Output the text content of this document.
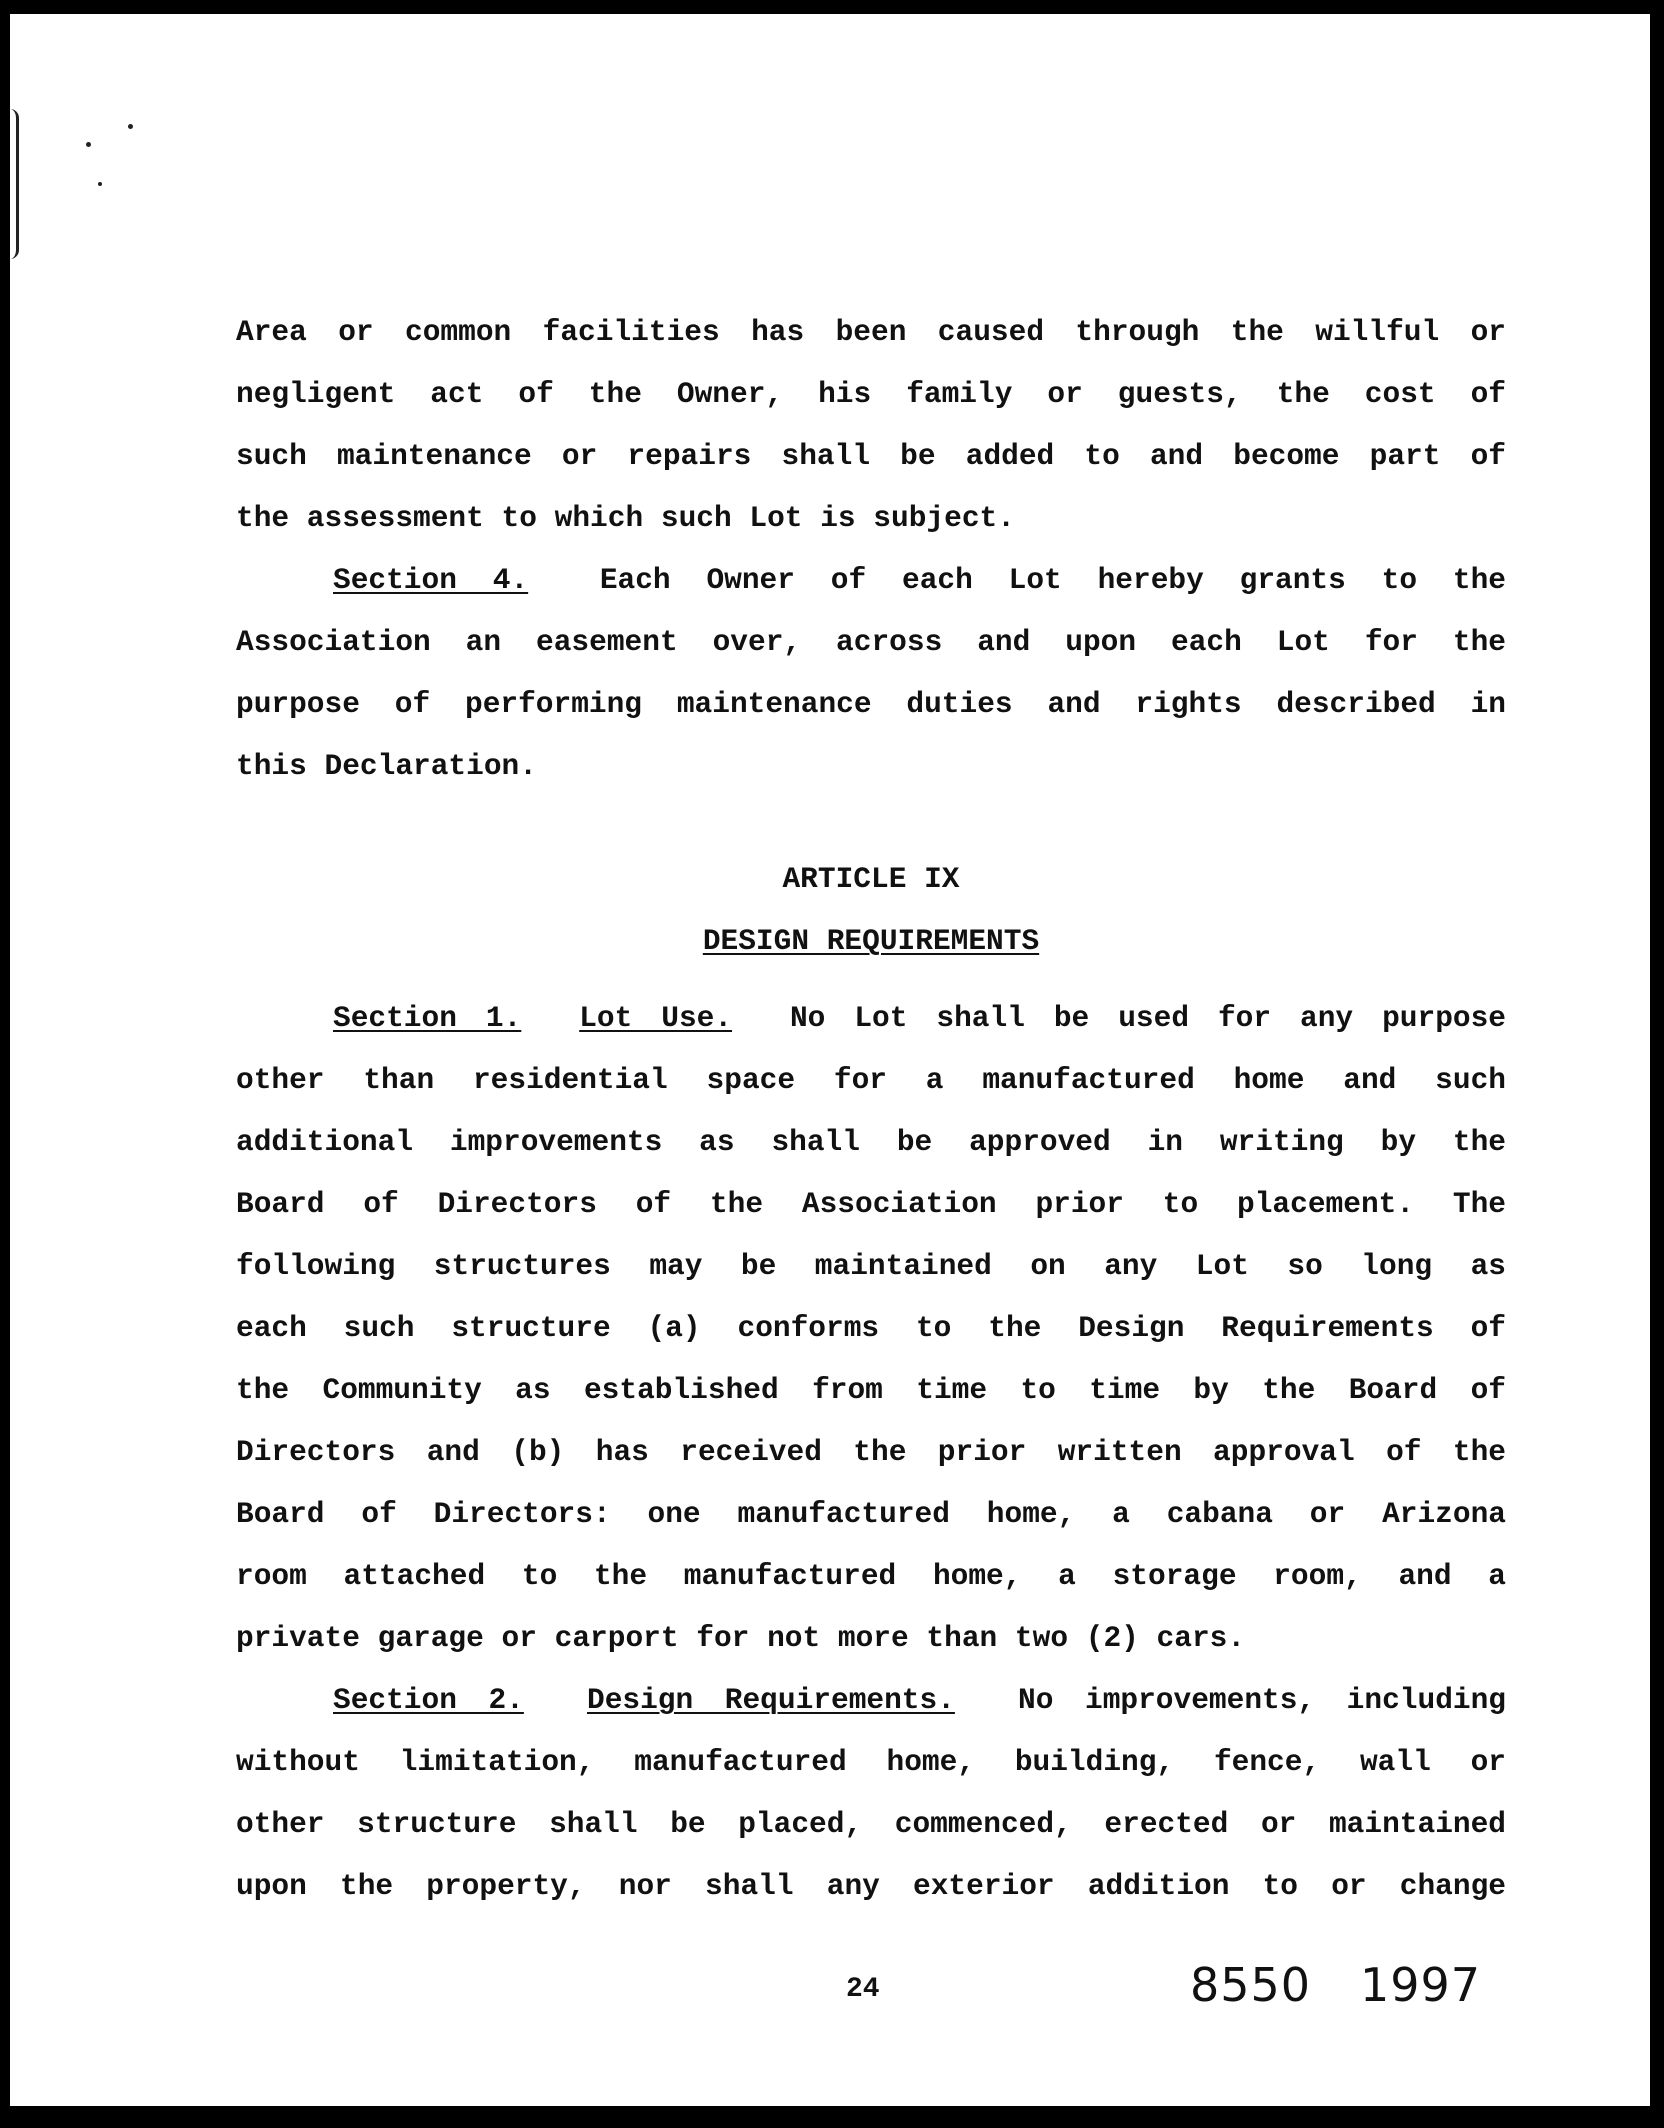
Area or common facilities has been caused through the willful or
negligent act of the Owner, his family or guests, the cost of
such maintenance or repairs shall be added to and become part of
the assessment to which such Lot is subject.
Section 4. Each Owner of each Lot hereby grants to the
Association an easement over, across and upon each Lot for the
purpose of performing maintenance duties and rights described in
this Declaration.
ARTICLE IX
DESIGN REQUIREMENTS
Section 1. Lot Use. No Lot shall be used for any purpose
other than residential space for a manufactured home and such
additional improvements as shall be approved in writing by the
Board of Directors of the Association prior to placement. The
following structures may be maintained on any Lot so long as
each such structure (a) conforms to the Design Requirements of
the Community as established from time to time by the Board of
Directors and (b) has received the prior written approval of the
Board of Directors: one manufactured home, a cabana or Arizona
room attached to the manufactured home, a storage room, and a
private garage or carport for not more than two (2) cars.
Section 2. Design Requirements. No improvements, including
without limitation, manufactured home, building, fence, wall or
other structure shall be placed, commenced, erected or maintained
upon the property, nor shall any exterior addition to or change
24	8550 1997
